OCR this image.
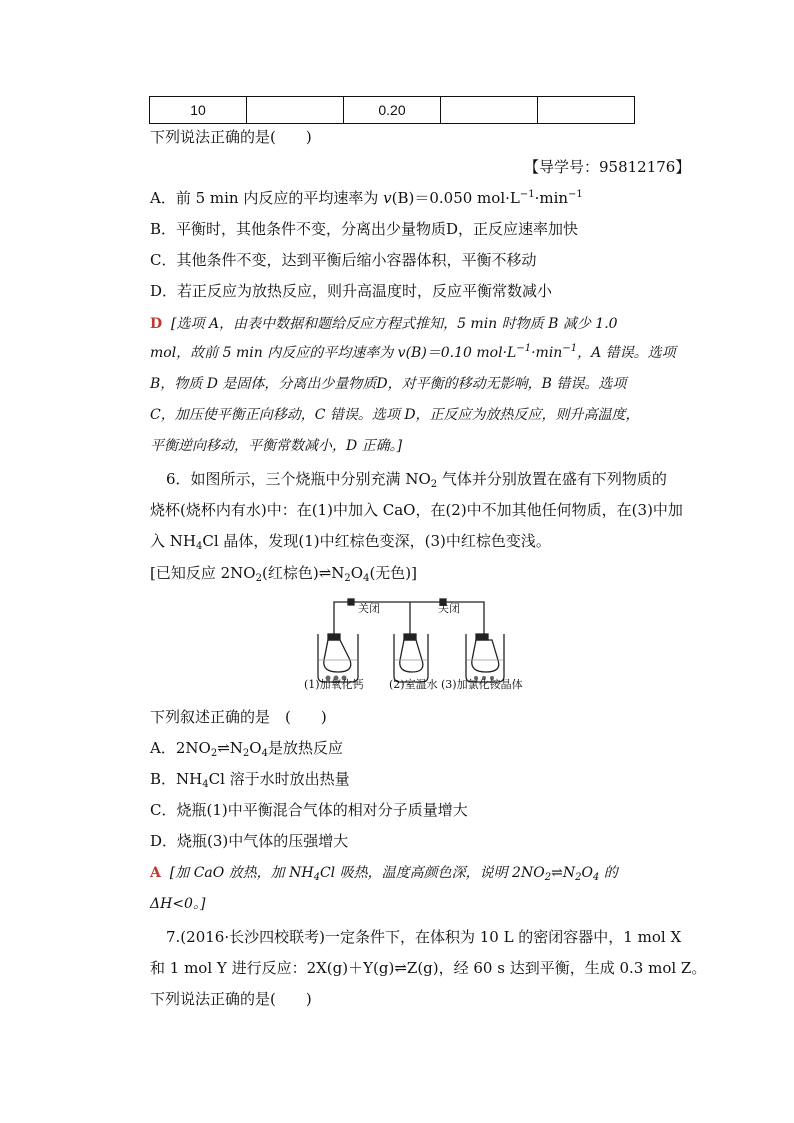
10		0.20		
下列说法正确的是(　　)
【导学号：95812176】
A．前 5 min 内反应的平均速率为 v(B)＝0.050 $mol\cdot L^{-1}\cdot\min^{-1}$
B．平衡时，其他条件不变，分离出少量物质D，正反应速率加快
C．其他条件不变，达到平衡后缩小容器体积，平衡不移动
D．若正反应为放热反应，则升高温度时，反应平衡常数减小
D [选项 A，由表中数据和题给反应方程式推知，5 min 时物质 B 减少 1.0
mol，故前 5 min 内反应的平均速率为 v(B)＝0.10 $mol\cdot L^{-1}\cdot\min^{-1}$，A 错误。选项
B，物质 D 是固体，分离出少量物质D，对平衡的移动无影响，B 错误。选项
C，加压使平衡正向移动，C 错误。选项 D，正反应为放热反应，则升高温度，
平衡逆向移动，平衡常数减小，D 正确。]
6．如图所示，三个烧瓶中分别充满 $NO_2$ 气体并分别放置在盛有下列物质的
烧杯(烧杯内有水)中：在(1)中加入 CaO，在(2)中不加其他任何物质，在(3)中加
入 $NH_4Cl$ 晶体，发现(1)中红棕色变深，(3)中红棕色变浅。
[已知反应 $2NO_2$(红棕色)$\rightleftharpoons N_2O_4$(无色)]
关闭	关闭
(1)加氧化钙 (2)室温水 (3)加氯化铵晶体
下列叙述正确的是　(　　)
A．$2NO_2\rightleftharpoons N_2O_4$是放热反应
B．$NH_4Cl$ 溶于水时放出热量
C．烧瓶(1)中平衡混合气体的相对分子质量增大
D．烧瓶(3)中气体的压强增大
A [加 CaO 放热，加 $NH_4Cl$ 吸热，温度高颜色深，说明 $2NO_2\rightleftharpoons N_2O_4$ 的
ΔH<0。]
7.(2016·长沙四校联考)一定条件下，在体积为 10 L 的密闭容器中，1 mol X
和 1 mol Y 进行反应：2X(g)＋Y(g)⇌Z(g)，经 60 s 达到平衡，生成 0.3 mol Z。
下列说法正确的是(　　)
